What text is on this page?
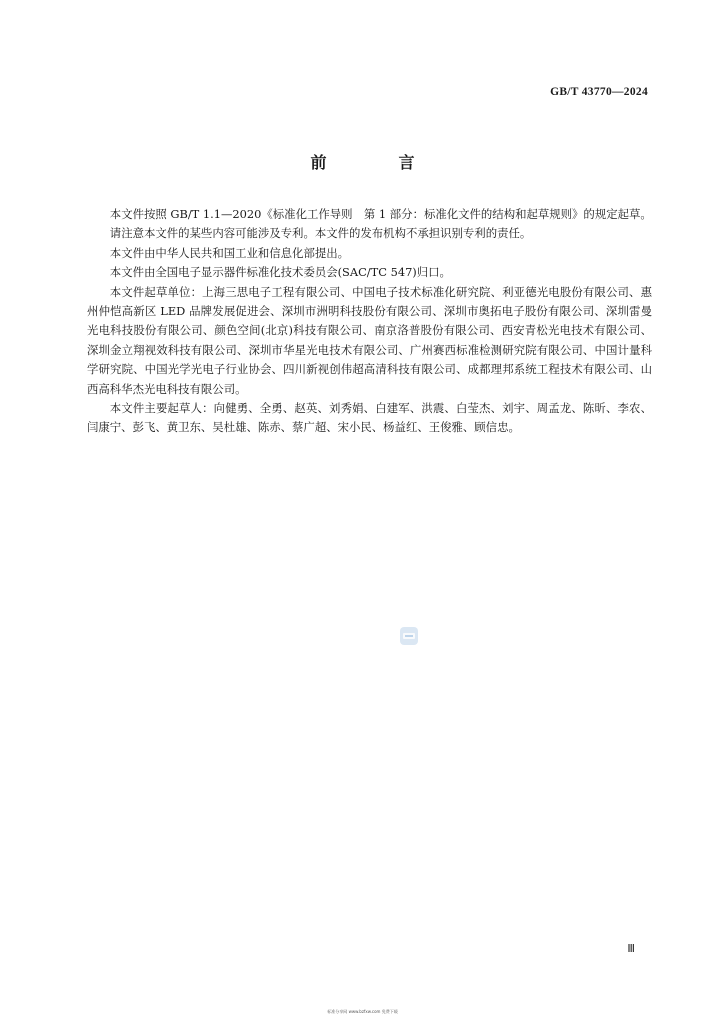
GB/T 43770—2024
前　言

本文件按照 GB/T 1.1—2020《标准化工作导则　第 1 部分：标准化文件的结构和起草规则》的规定起草。

请注意本文件的某些内容可能涉及专利。本文件的发布机构不承担识别专利的责任。

本文件由中华人民共和国工业和信息化部提出。

本文件由全国电子显示器件标准化技术委员会(SAC/TC 547)归口。

本文件起草单位：上海三思电子工程有限公司、中国电子技术标准化研究院、利亚德光电股份有限公司、惠州仲恺高新区 LED 品牌发展促进会、深圳市洲明科技股份有限公司、深圳市奥拓电子股份有限公司、深圳雷曼光电科技股份有限公司、颜色空间(北京)科技有限公司、南京洛普股份有限公司、西安青松光电技术有限公司、深圳金立翔视效科技有限公司、深圳市华星光电技术有限公司、广州赛西标准检测研究院有限公司、中国计量科学研究院、中国光学光电子行业协会、四川新视创伟超高清科技有限公司、成都理邦系统工程技术有限公司、山西高科华杰光电科技有限公司。

本文件主要起草人：向健勇、全勇、赵英、刘秀娟、白建军、洪震、白莹杰、刘宇、周孟龙、陈昕、李农、闫康宁、彭飞、黄卫东、吴杜雄、陈赤、蔡广超、宋小民、杨益红、王俊雅、顾信忠。

Ⅲ
标准分享网 www.bzfxw.com 免费下载
